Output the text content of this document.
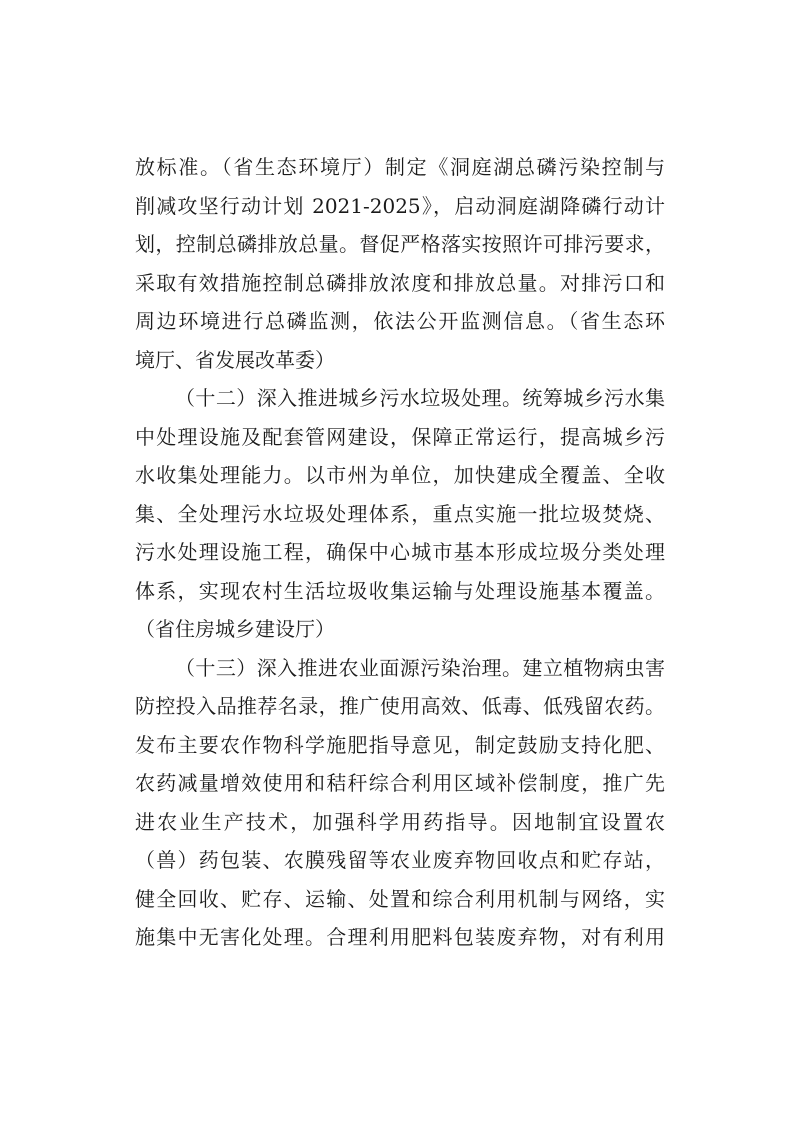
放标准。（省生态环境厅）制定《洞庭湖总磷污染控制与
削减攻坚行动计划 2021-2025》，启动洞庭湖降磷行动计
划，控制总磷排放总量。督促严格落实按照许可排污要求，
采取有效措施控制总磷排放浓度和排放总量。对排污口和
周边环境进行总磷监测，依法公开监测信息。（省生态环
境厅、省发展改革委）
（十二）深入推进城乡污水垃圾处理。统筹城乡污水集
中处理设施及配套管网建设，保障正常运行，提高城乡污
水收集处理能力。以市州为单位，加快建成全覆盖、全收
集、全处理污水垃圾处理体系，重点实施一批垃圾焚烧、
污水处理设施工程，确保中心城市基本形成垃圾分类处理
体系，实现农村生活垃圾收集运输与处理设施基本覆盖。
（省住房城乡建设厅）
（十三）深入推进农业面源污染治理。建立植物病虫害
防控投入品推荐名录，推广使用高效、低毒、低残留农药。
发布主要农作物科学施肥指导意见，制定鼓励支持化肥、
农药减量增效使用和秸秆综合利用区域补偿制度，推广先
进农业生产技术，加强科学用药指导。因地制宜设置农
（兽）药包装、农膜残留等农业废弃物回收点和贮存站，
健全回收、贮存、运输、处置和综合利用机制与网络，实
施集中无害化处理。合理利用肥料包装废弃物，对有利用
